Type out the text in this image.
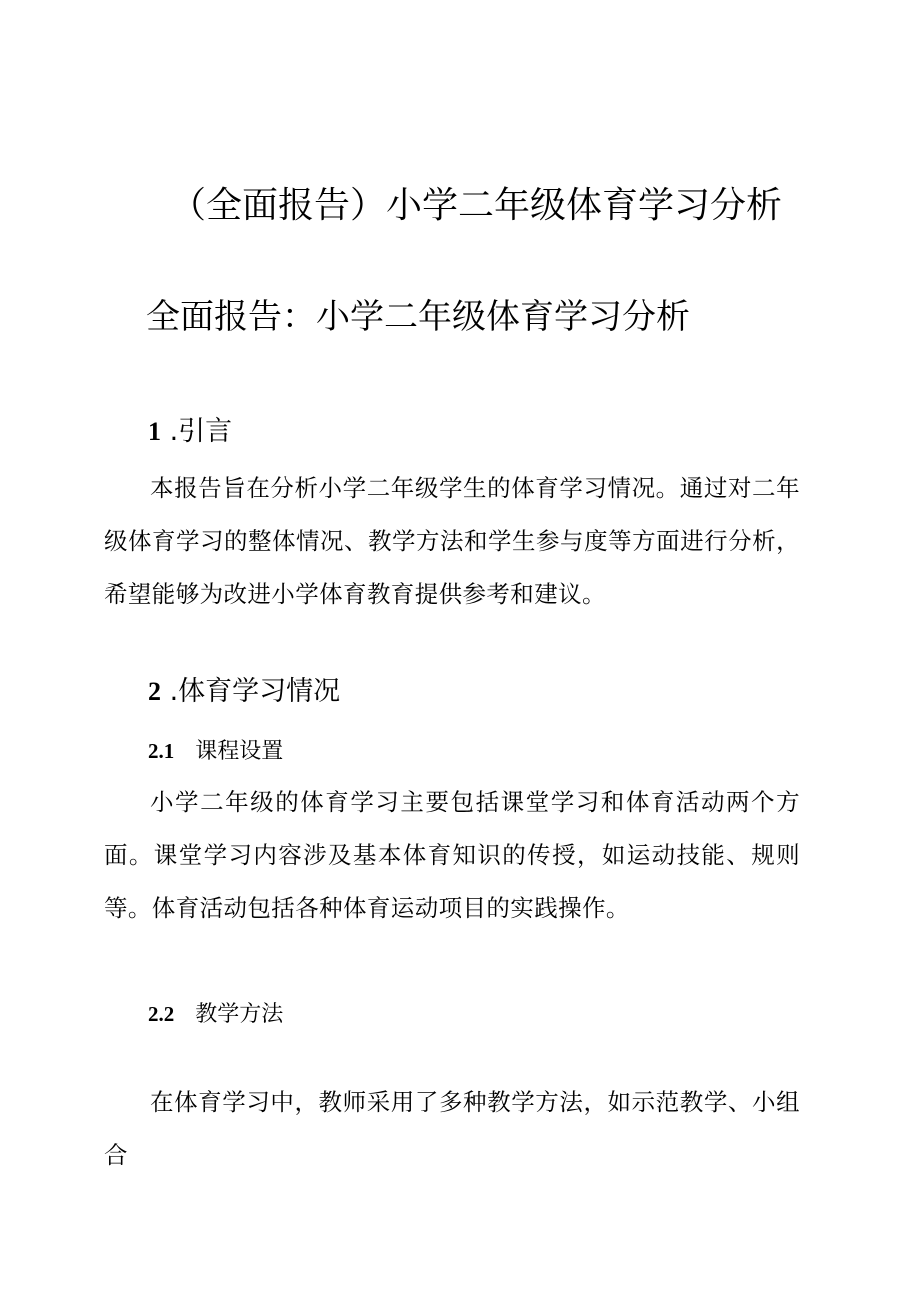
（全面报告）小学二年级体育学习分析
全面报告：小学二年级体育学习分析
1 .引言

本报告旨在分析小学二年级学生的体育学习情况。通过对二年级体育学习的整体情况、教学方法和学生参与度等方面进行分析，希望能够为改进小学体育教育提供参考和建议。

2 .体育学习情况
2.1 课程设置

小学二年级的体育学习主要包括课堂学习和体育活动两个方面。课堂学习内容涉及基本体育知识的传授，如运动技能、规则等。体育活动包括各种体育运动项目的实践操作。

2.2 教学方法

在体育学习中，教师采用了多种教学方法，如示范教学、小组合
